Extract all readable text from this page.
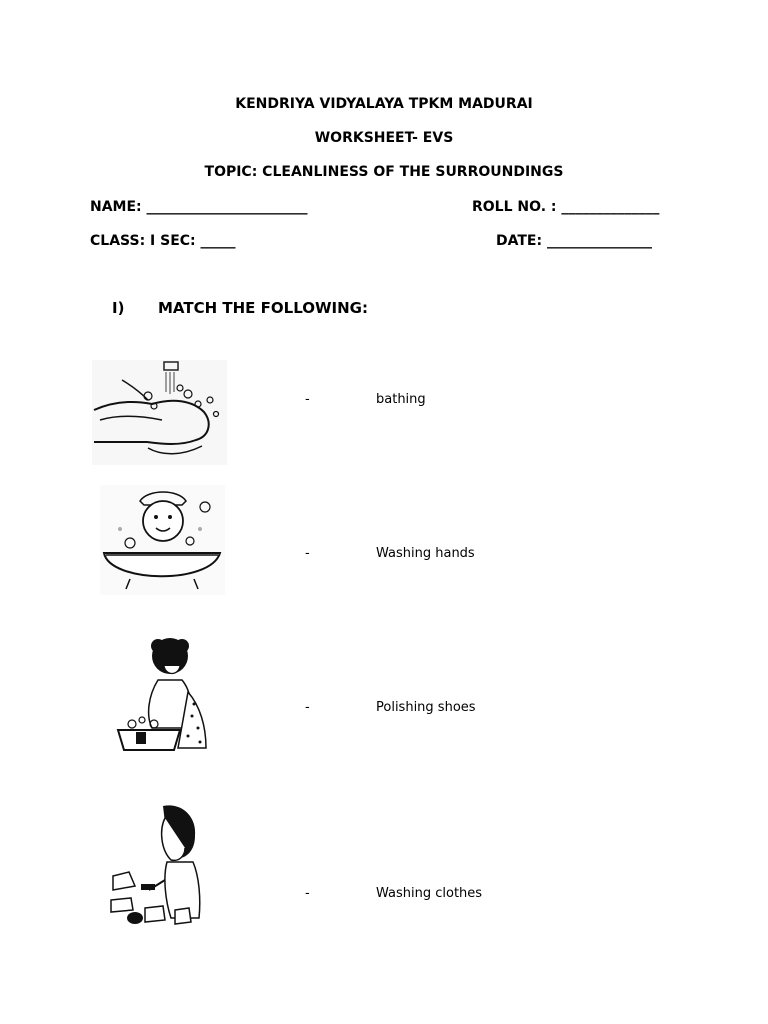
KENDRIYA VIDYALAYA TPKM MADURAI
WORKSHEET- EVS
TOPIC: CLEANLINESS OF THE SURROUNDINGS
NAME: _______________________	ROLL NO. : ______________
CLASS: I SEC: _____	DATE: _______________
I) MATCH THE FOLLOWING:
-	bathing
-	Washing hands
-	Polishing shoes
-	Washing clothes
